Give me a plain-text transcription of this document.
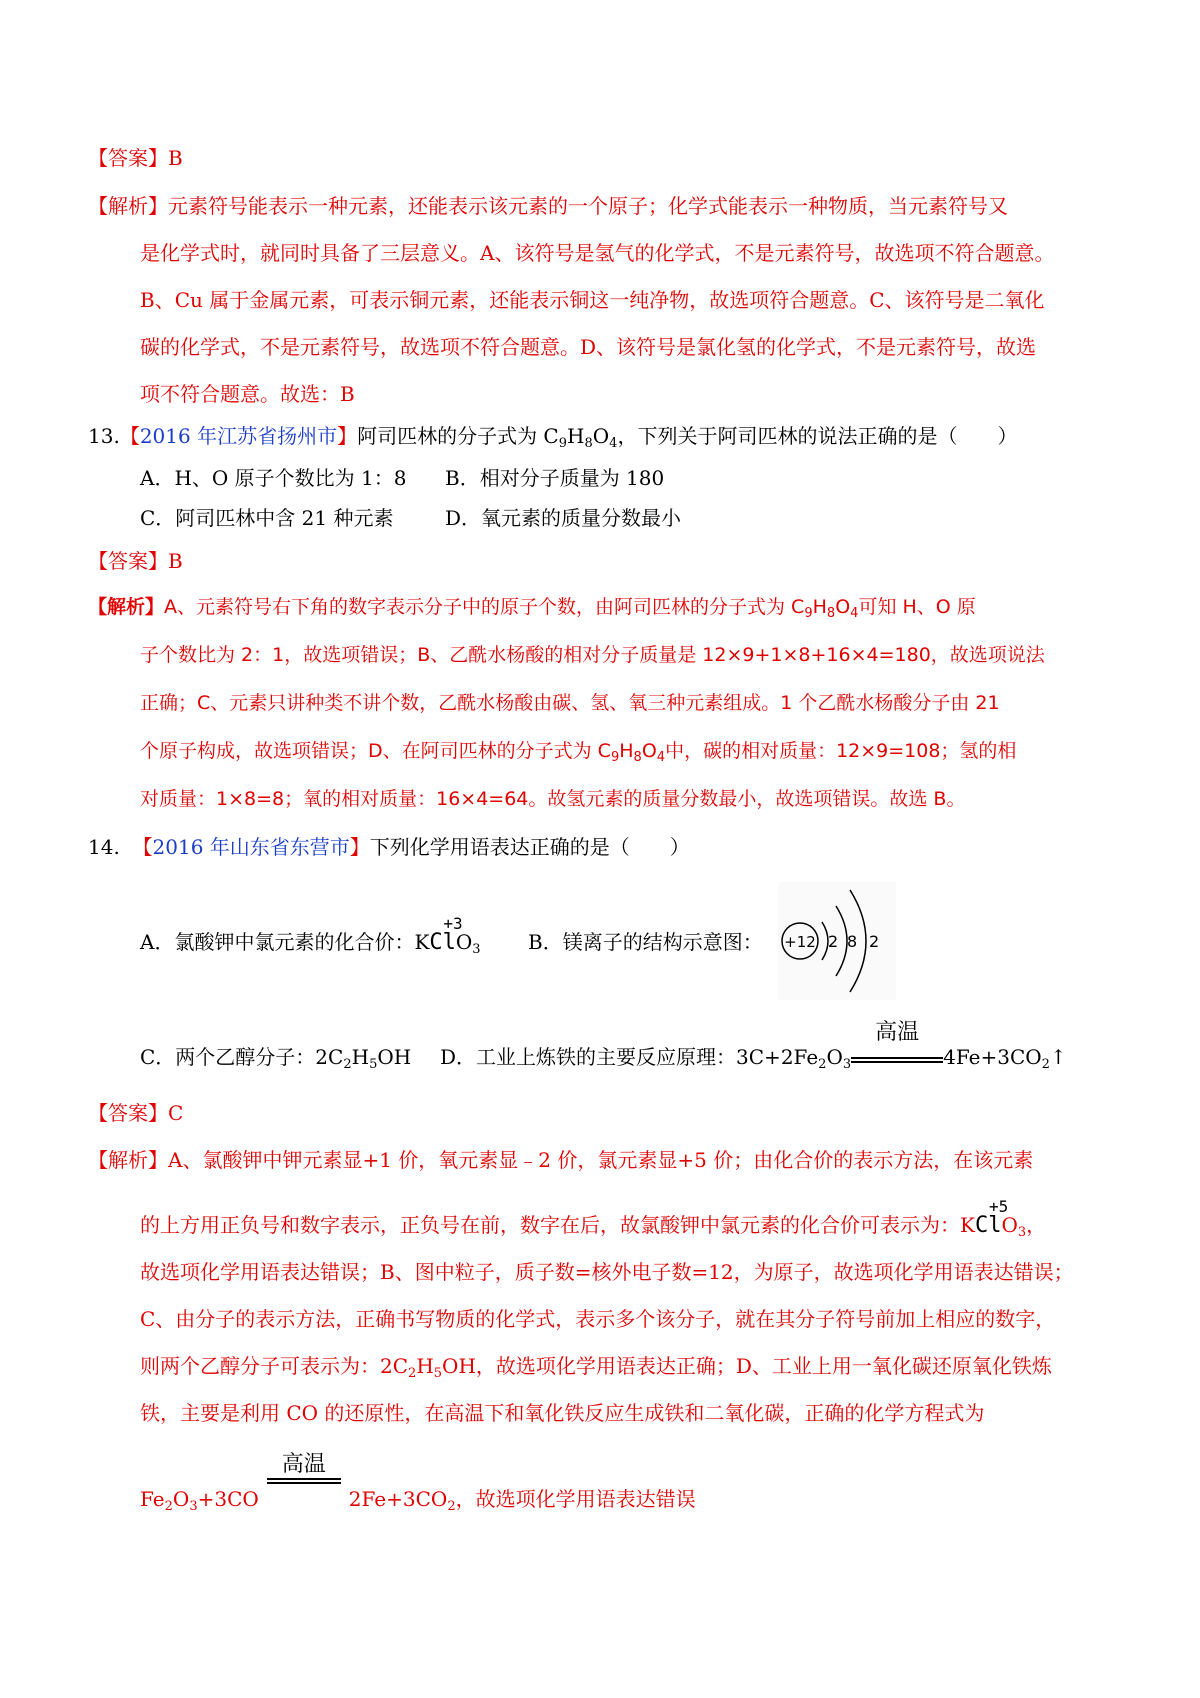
【答案】B
【解析】元素符号能表示一种元素，还能表示该元素的一个原子；化学式能表示一种物质，当元素符号又
是化学式时，就同时具备了三层意义。A、该符号是氢气的化学式，不是元素符号，故选项不符合题意。
B、Cu 属于金属元素，可表示铜元素，还能表示铜这一纯净物，故选项符合题意。C、该符号是二氧化
碳的化学式，不是元素符号，故选项不符合题意。D、该符号是氯化氢的化学式，不是元素符号，故选
项不符合题意。故选：B
13.【2016 年江苏省扬州市】阿司匹林的分子式为 $C_9H_8O_4$，下列关于阿司匹林的说法正确的是（　　）
A．H、O 原子个数比为 1：8 B．相对分子质量为 180
C．阿司匹林中含 21 种元素	D．氧元素的质量分数最小
【答案】B
【解析】A、元素符号右下角的数字表示分子中的原子个数，由阿司匹林的分子式为 $C_9H_8O_4$可知 H、O 原
子个数比为 2：1，故选项错误；B、乙酰水杨酸的相对分子质量是 12×9+1×8+16×4=180，故选项说法
正确；C、元素只讲种类不讲个数，乙酰水杨酸由碳、氢、氧三种元素组成。1 个乙酰水杨酸分子由 21
个原子构成，故选项错误；D、在阿司匹林的分子式为 $C_9H_8O_4$中，碳的相对质量：12×9=108；氢的相
对质量：1×8=8；氧的相对质量：16×4=64。故氢元素的质量分数最小，故选项错误。故选 B。
14. 【2016 年山东省东营市】下列化学用语表达正确的是（　　）
A．氯酸钾中氯元素的化合价：K
+3
ClO$_3$ B．镁离子的结构示意图： +12 2 8 2
C．两个乙醇分子：$2C_2H_5OH$ D．工业上炼铁的主要反应原理：$3C+2Fe_2O_3$
高温
$4Fe+3CO_2↑$
【答案】C
【解析】A、氯酸钾中钾元素显+1 价，氧元素显﹣2 价，氯元素显+5 价；由化合价的表示方法，在该元素
的上方用正负号和数字表示，正负号在前，数字在后，故氯酸钾中氯元素的化合价可表示为：K
+5
ClO$_3$，
故选项化学用语表达错误；B、图中粒子，质子数=核外电子数=12，为原子，故选项化学用语表达错误；
C、由分子的表示方法，正确书写物质的化学式，表示多个该分子，就在其分子符号前加上相应的数字，
则两个乙醇分子可表示为：$2C_2H_5OH$，故选项化学用语表达正确；D、工业上用一氧化碳还原氧化铁炼
铁，主要是利用 CO 的还原性，在高温下和氧化铁反应生成铁和二氧化碳，正确的化学方程式为
$Fe_2O_3+3CO$
高温
$2Fe+3CO_2$，故选项化学用语表达错误
